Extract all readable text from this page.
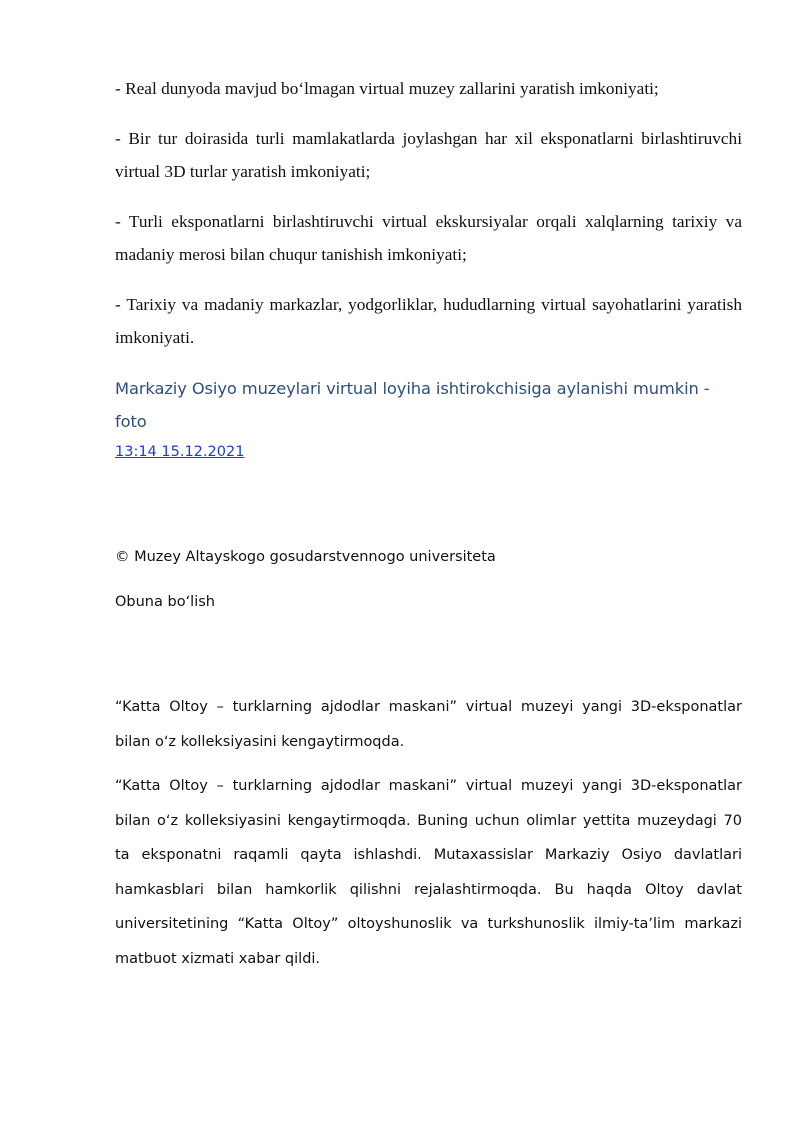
- Real dunyoda mavjud boʻlmagan virtual muzey zallarini yaratish imkoniyati;

- Bir tur doirasida turli mamlakatlarda joylashgan har xil eksponatlarni birlashtiruvchi virtual 3D turlar yaratish imkoniyati;

- Turli eksponatlarni birlashtiruvchi virtual ekskursiyalar orqali xalqlarning tarixiy va madaniy merosi bilan chuqur tanishish imkoniyati;

- Tarixiy va madaniy markazlar, yodgorliklar, hududlarning virtual sayohatlarini yaratish imkoniyati.

Markaziy Osiyo muzeylari virtual loyiha ishtirokchisiga aylanishi mumkin - foto

13:14 15.12.2021

© Muzey Altayskogo gosudarstvennogo universiteta

Obuna boʻlish

“Katta Oltoy – turklarning ajdodlar maskani” virtual muzeyi yangi 3D-eksponatlar bilan oʻz kolleksiyasini kengaytirmoqda.

“Katta Oltoy – turklarning ajdodlar maskani” virtual muzeyi yangi 3D-eksponatlar bilan oʻz kolleksiyasini kengaytirmoqda. Buning uchun olimlar yettita muzeydagi 70 ta eksponatni raqamli qayta ishlashdi. Mutaxassislar Markaziy Osiyo davlatlari hamkasblari bilan hamkorlik qilishni rejalashtirmoqda. Bu haqda Oltoy davlat universitetining “Katta Oltoy” oltoyshunoslik va turkshunoslik ilmiy-taʼlim markazi matbuot xizmati xabar qildi.
